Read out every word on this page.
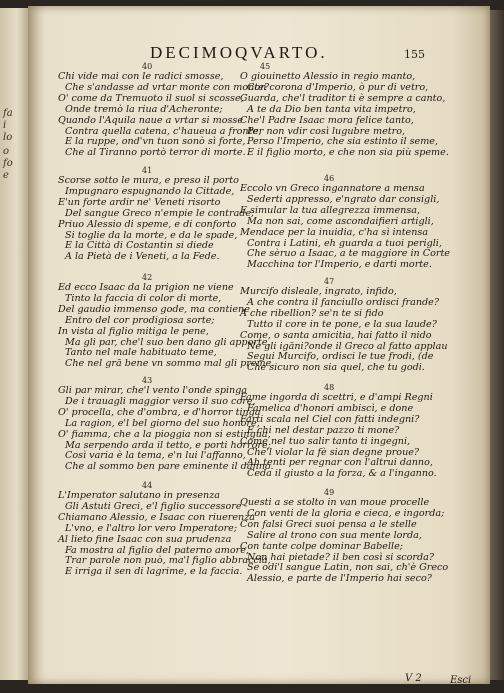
fa
i
lo
o
fo
e
DECIMOQVARTO.	155
40
Chi vide mai con le radici smosse,
Che s'andasse ad vrtar monte con monte?
O' come da Tremuoto il suol si scosse,
Onde tremò la riua d'Acheronte;
Quando l'Aquila naue a vrtar si mosse
Contra quella catena, c'haueua a fronte,
E la ruppe, ond'vn tuon sonò sì forte,
Che al Tiranno portò terror di morte.
41
Scorse sotto le mura, e preso il porto
Impugnaro espugnando la Cittade,
E'un forte ardir ne' Veneti risorto
Del sangue Greco n'empie le contrade;
Priuo Alessio di speme, e di conforto
Si toglie da la morte, e da le spade,
E la Città di Costantin si diede
A la Pietà de i Veneti, a la Fede.
42
Ed ecco Isaac da la prigion ne viene
Tinto la faccia di color di morte,
Del gaudio immenso gode, ma contiene
Entro del cor prodigiosa sorte;
In vista al figlio mitiga le pene,
Ma gli par, che'l suo ben dano gli apporte,
Tanto nel male habituato teme,
Che nel grā bene vn sommo mal gli preme.
43
Gli par mirar, che'l vento l'onde spinga
De i trauagli maggior verso il suo core,
O' procella, che d'ombra, e d'horror tinga
La ragion, e'l bel giorno del suo honore,
O' fiamma, che a la pioggia non si estingua,
Ma serpendo arda il tetto, e porti horrore;
Così varia è la tema, e'n lui l'affanno,
Che al sommo ben pare eminente il danno.
44
L'Imperator salutano in presenza
Gli Astuti Greci, e'l figlio successore
Chiamano Alessio, e Isaac con riuerenza
L'vno, e l'altro lor vero Imperatore;
Al lieto fine Isaac con sua prudenza
Fa mostra al figlio del paterno amore,
Trar parole non può, ma'l figlio abbraccia,
E irriga il sen di lagrime, e la faccia.
45
O giouinetto Alessio in regio manto,
Con corona d'Imperio, ò pur di vetro,
Guarda, che'l traditor ti è sempre a canto,
A te da Dio ben tanta vita impetro,
Che'l Padre Isaac mora felice tanto,
Per non vdir così lugubre metro,
Perso l'Imperio, che sia estinto il seme,
E il figlio morto, e che non sia più speme.
46
Eccolo vn Greco ingannatore a mensa
Sederti appresso, e'ngrato dar consigli,
E simular la tua allegrezza immensa,
Ma non sai, come ascondaifieri artigli,
Mendace per la inuidia, c'ha sì intensa
Contra i Latini, eh guarda a tuoi perigli,
Che sèruo a Isaac, a te maggiore in Corte
Macchina tor l'Imperio, e darti morte.
47
Murcifo disleale, ingrato, infido,
A che contra il fanciullo ordisci frande?
A che ribellion? se'n te si fido
Tutto il core in te pone, e la sua laude?
Come, o santa amicitia, hai fatto il nido
Ne gli igāni?onde il Greco al fatto applau
Segui Murcifo, ordisci le tue frodi, (de
Che sicuro non sia quel, che tu godi.
48
Fame ingorda di scettri, e d'ampi Regni
Famelica d'honori ambiscì, e done
Farti scala nel Ciel con fatti indegni?
E chi nel destar pazzo ti mone?
Come nel tuo salir tanto ti ingegni,
Che'l violar la fè sian degne proue?
Ah tenti per regnar con l'altrui danno,
Ceda il giusto a la forza, & a l'inganno.
49
Questi a se stolto in van moue procelle
Con venti de la gloria e cieca, e ingorda;
Con falsi Greci suoi pensa a le stelle
Salire al trono con sua mente lorda,
Con tante colpe dominar Babelle;
Non hai pietade? il ben così si scorda?
Se odi'l sangue Latin, non sai, ch'è Greco
Alessio, e parte de l'Imperio hai seco?
V 2	Esci
